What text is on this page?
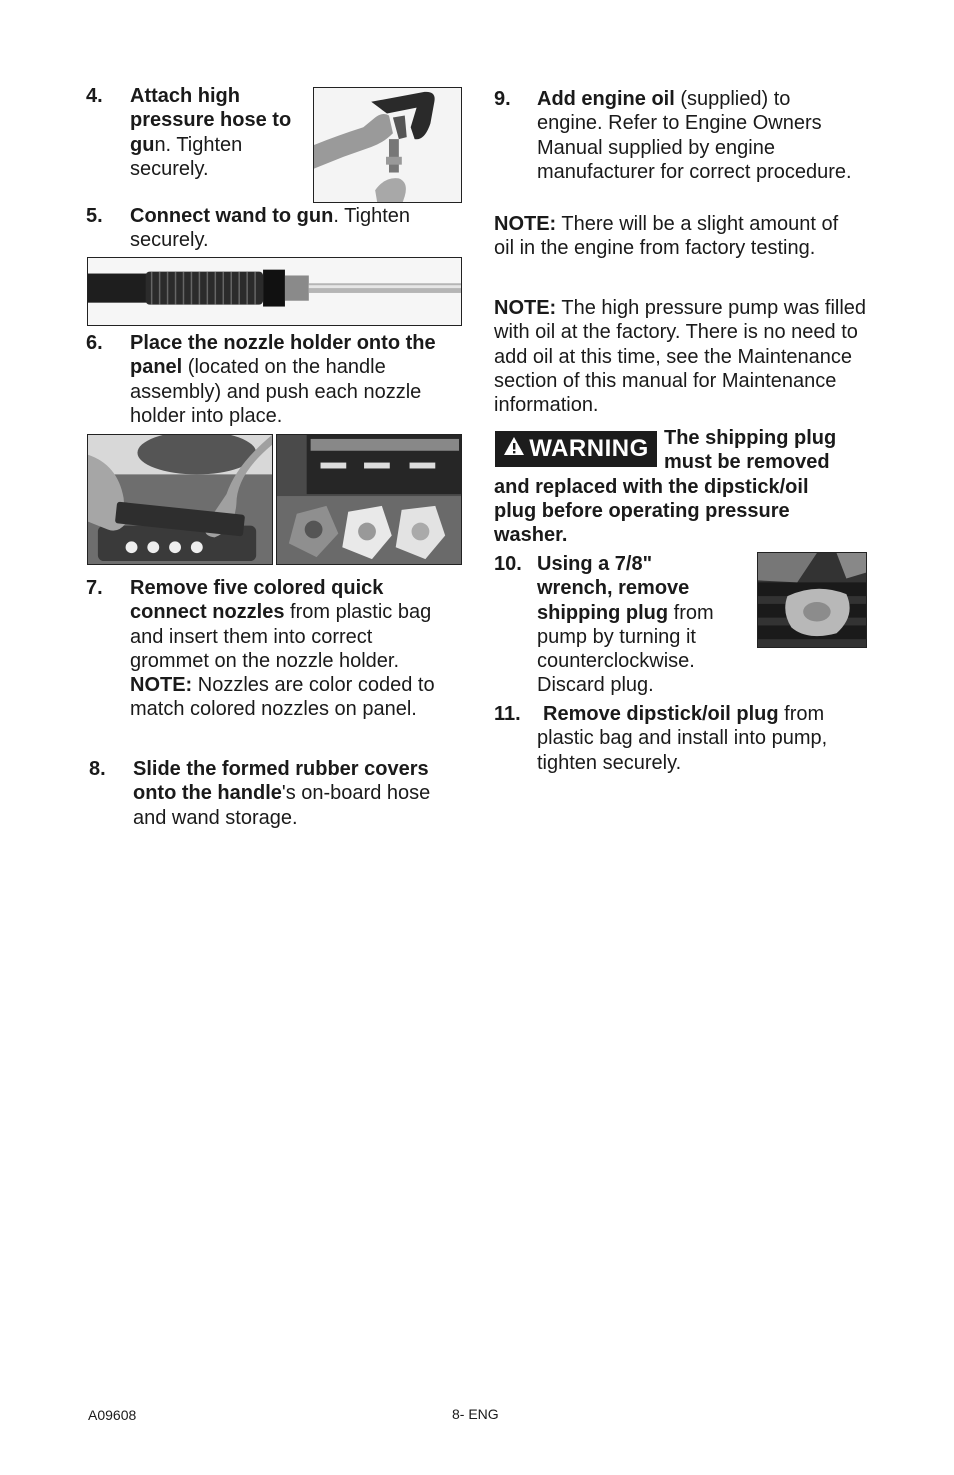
4. Attach high pressure hose to gun. Tighten securely.
5. Connect wand to gun. Tighten securely.
6. Place the nozzle holder onto the panel (located on the handle assembly) and push each nozzle holder into place.
7. Remove five colored quick connect nozzles from plastic bag and insert them into correct grommet on the nozzle holder.
NOTE: Nozzles are color coded to match colored nozzles on panel.
8. Slide the formed rubber covers onto the handle's on-board hose and wand storage.
9. Add engine oil (supplied) to engine. Refer to Engine Owners Manual supplied by engine manufacturer for correct procedure.

NOTE: There will be a slight amount of oil in the engine from factory testing.

NOTE: The high pressure pump was filled with oil at the factory. There is no need to add oil at this time, see the Maintenance section of this manual for Maintenance information.

WARNING The shipping plug must be removed and replaced with the dipstick/oil plug before operating pressure washer.
10. Using a 7/8" wrench, remove shipping plug from pump by turning it counterclockwise. Discard plug.
11.	Remove dipstick/oil plug from plastic bag and install into pump, tighten securely.
A09608	8- ENG
